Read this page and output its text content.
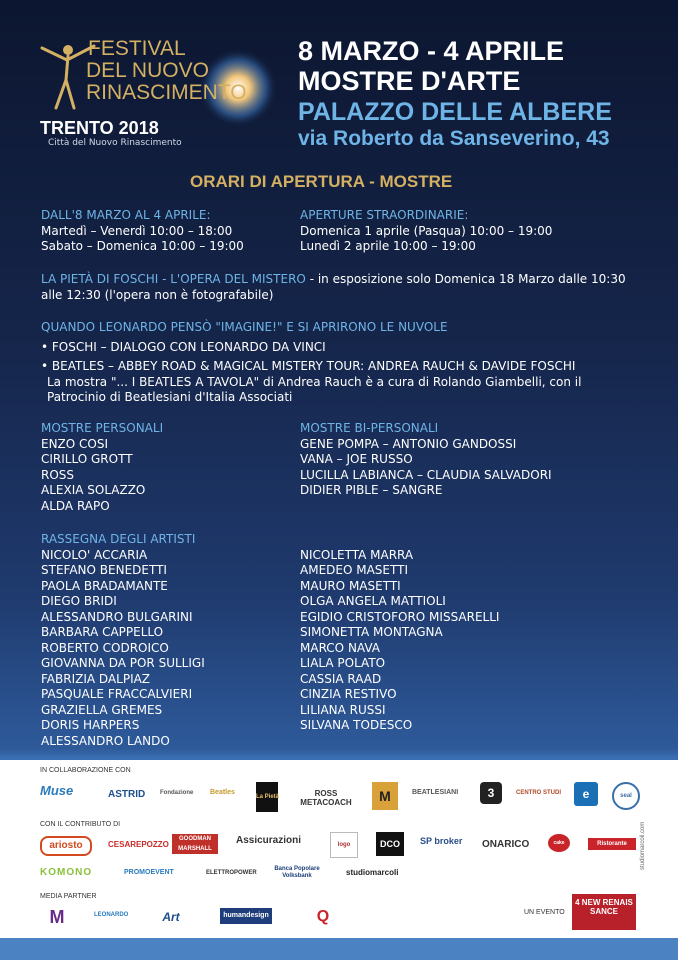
FESTIVAL
DEL NUOVO
RINASCIMENTO
TRENTO 2018
Città del Nuovo Rinascimento
8 MARZO - 4 APRILE
MOSTRE D'ARTE
PALAZZO DELLE ALBERE
via Roberto da Sanseverino, 43
ORARI DI APERTURA - MOSTRE
DALL'8 MARZO AL 4 APRILE:
Martedì – Venerdì 10:00 – 18:00
Sabato – Domenica 10:00 – 19:00
APERTURE STRAORDINARIE:
Domenica 1 aprile (Pasqua) 10:00 – 19:00
Lunedì 2 aprile 10:00 – 19:00
LA PIETÀ DI FOSCHI - L'OPERA DEL MISTERO - in esposizione solo Domenica 18 Marzo dalle 10:30
alle 12:30 (l'opera non è fotografabile)
QUANDO LEONARDO PENSÒ "IMAGINE!" E SI APRIRONO LE NUVOLE
• FOSCHI – DIALOGO CON LEONARDO DA VINCI
• BEATLES – ABBEY ROAD & MAGICAL MISTERY TOUR: ANDREA RAUCH & DAVIDE FOSCHI
La mostra "... I BEATLES A TAVOLA" di Andrea Rauch è a cura di Rolando Giambelli, con il
Patrocinio di Beatlesiani d'Italia Associati
MOSTRE PERSONALI
ENZO COSI
CIRILLO GROTT
ROSS
ALEXIA SOLAZZO
ALDA RAPO
MOSTRE BI-PERSONALI
GENE POMPA – ANTONIO GANDOSSI
VANA – JOE RUSSO
LUCILLA LABIANCA – CLAUDIA SALVADORI
DIDIER PIBLE – SANGRE
RASSEGNA DEGLI ARTISTI
NICOLO' ACCARIA
STEFANO BENEDETTI
PAOLA BRADAMANTE
DIEGO BRIDI
ALESSANDRO BULGARINI
BARBARA CAPPELLO
ROBERTO CODROICO
GIOVANNA DA POR SULLIGI
FABRIZIA DALPIAZ
PASQUALE FRACCALVIERI
GRAZIELLA GREMES
DORIS HARPERS
ALESSANDRO LANDO
NICOLETTA MARRA
AMEDEO MASETTI
MAURO MASETTI
OLGA ANGELA MATTIOLI
EGIDIO CRISTOFORO MISSARELLI
SIMONETTA MONTAGNA
MARCO NAVA
LIALA POLATO
CASSIA RAAD
CINZIA RESTIVO
LILIANA RUSSI
SILVANA TODESCO
IN COLLABORAZIONE CON
Muse	ASTRID Fondazione Beatles
La Pietà	ROSS METACOACH	M	BEATLESIANI	3	CENTRO STUDI	e	seal
CON IL CONTRIBUTO DI
ariosto	CESAREPOZZO
GOODMAN MARSHALL
Assicurazioni	logo	DCO	SP broker ONARICO	cake	Ristorante
KOMONO	PROMOEVENT	ELETTROPOWER
Banca Popolare Volksbank	studiomarcoli
MEDIA PARTNER
M	LEONARDO	Art	humandesign	Q	UN EVENTO
4 NEW RENAIS SANCE
studiomarcoli.com
